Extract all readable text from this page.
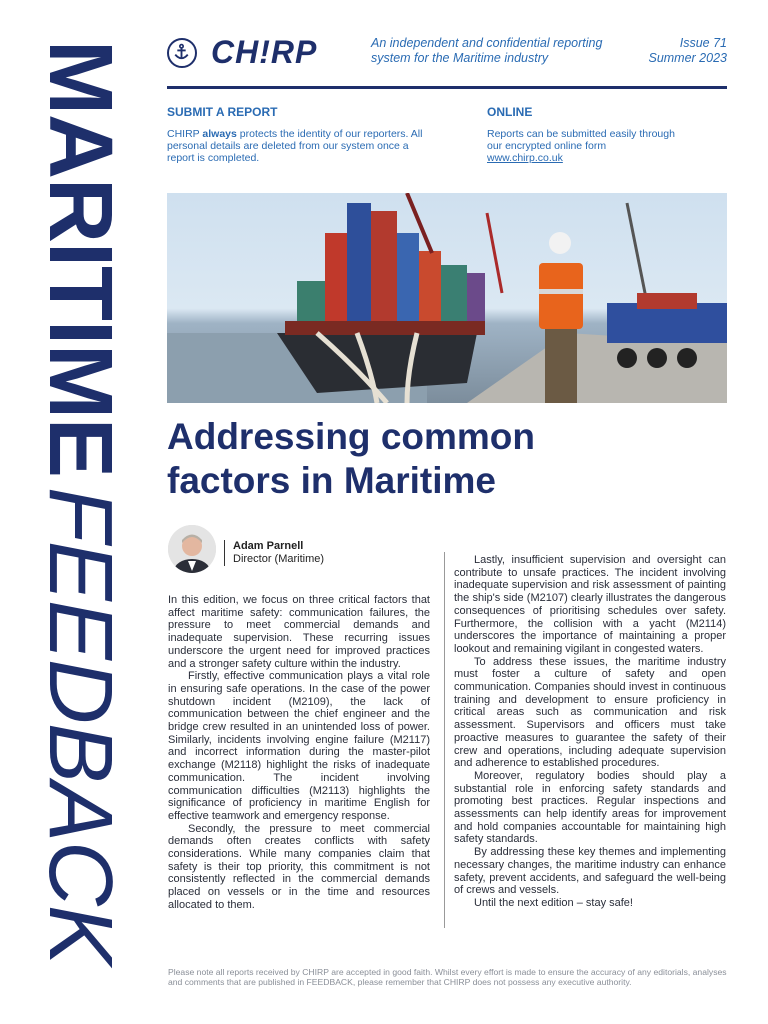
MARITIMEFEEDBACK
CH!RP	An independent and confidential reporting system for the Maritime industry
Issue 71
Summer 2023
SUBMIT A REPORT

CHIRP always protects the identity of our reporters. All personal details are deleted from our system once a report is completed.

ONLINE

Reports can be submitted easily through our encrypted online form

www.chirp.co.uk

Addressing common
factors in Maritime
Adam Parnell
Director (Maritime)

In this edition, we focus on three critical factors that affect maritime safety: communication failures, the pressure to meet commercial demands and inadequate supervision. These recurring issues underscore the urgent need for improved practices and a stronger safety culture within the industry.

Firstly, effective communication plays a vital role in ensuring safe operations. In the case of the power shutdown incident (M2109), the lack of communication between the chief engineer and the bridge crew resulted in an unintended loss of power. Similarly, incidents involving engine failure (M2117) and incorrect information during the master-pilot exchange (M2118) highlight the risks of inadequate communication. The incident involving communication difficulties (M2113) highlights the significance of proficiency in maritime English for effective teamwork and emergency response.

Secondly, the pressure to meet commercial demands often creates conflicts with safety considerations. While many companies claim that safety is their top priority, this commitment is not consistently reflected in the commercial demands placed on vessels or in the time and resources allocated to them.

Lastly, insufficient supervision and oversight can contribute to unsafe practices. The incident involving inadequate supervision and risk assessment of painting the ship's side (M2107) clearly illustrates the dangerous consequences of prioritising schedules over safety. Furthermore, the collision with a yacht (M2114) underscores the importance of maintaining a proper lookout and remaining vigilant in congested waters.

To address these issues, the maritime industry must foster a culture of safety and open communication. Companies should invest in continuous training and development to ensure proficiency in critical areas such as communication and risk assessment. Supervisors and officers must take proactive measures to guarantee the safety of their crew and operations, including adequate supervision and adherence to established procedures.

Moreover, regulatory bodies should play a substantial role in enforcing safety standards and promoting best practices. Regular inspections and assessments can help identify areas for improvement and hold companies accountable for maintaining high safety standards.

By addressing these key themes and implementing necessary changes, the maritime industry can enhance safety, prevent accidents, and safeguard the well-being of crews and vessels.

Until the next edition – stay safe!

Please note all reports received by CHIRP are accepted in good faith. Whilst every effort is made to ensure the accuracy of any editorials, analyses and comments that are published in FEEDBACK, please remember that CHIRP does not possess any executive authority.
